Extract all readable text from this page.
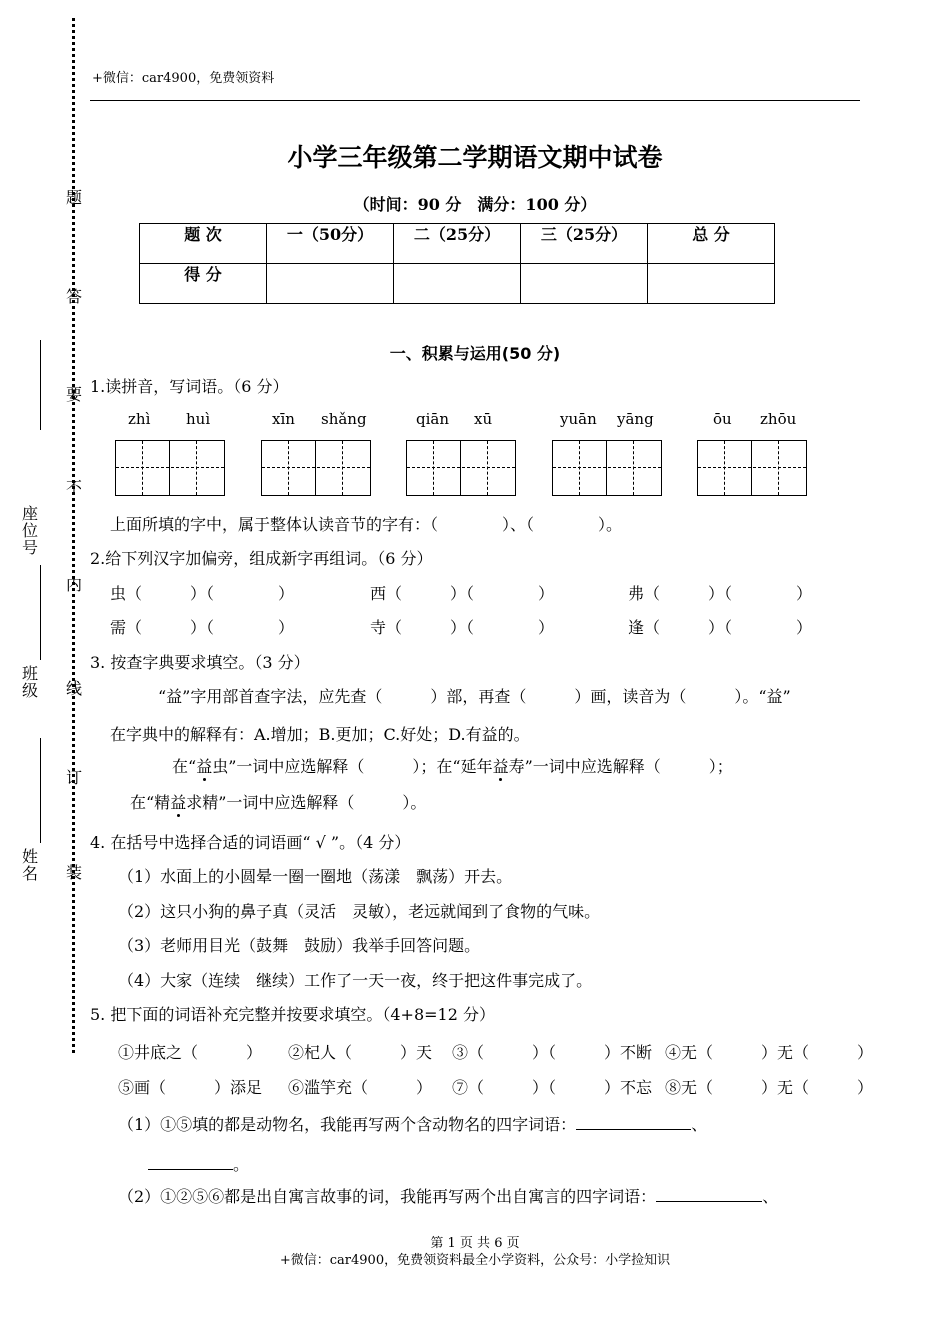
+微信：car4900，免费领资料
题
答
要
不
内
线
订
装
座位号
班级
姓名
小学三年级第二学期语文期中试卷
（时间：90 分　满分：100 分）
题 次	一（50分）	二（25分）	三（25分）	总 分
得 分				
一、积累与运用(50 分)
1.读拼音，写词语。（6 分）
zhì huì	xīn shǎng	qiān xū	yuān yāng	ōu zhōu
上面所填的字中，属于整体认读音节的字有：（　　　　）、（　　　　）。
2.给下列汉字加偏旁，组成新字再组词。（6 分）
虫（　　　）（　　　　）	西（　　　）（　　　　）	弗（　　　）（　　　　）
需（　　　）（　　　　）	寺（　　　）（　　　　）	逢（　　　）（　　　　）
3. 按查字典要求填空。（3 分）
“益”字用部首查字法，应先查（　　　）部，再查（　　　）画，读音为（　　　）。“益”
在字典中的解释有：A.增加；B.更加；C.好处；D.有益的。
在“益虫”一词中应选解释（　　　）；在“延年益寿”一词中应选解释（　　　）；
在“精益求精”一词中应选解释（　　　）。
4. 在括号中选择合适的词语画“ √ ”。（4 分）
（1）水面上的小圆晕一圈一圈地（荡漾　飘荡）开去。
（2）这只小狗的鼻子真（灵活　灵敏），老远就闻到了食物的气味。
（3）老师用目光（鼓舞　鼓励）我举手回答问题。
（4）大家（连续　继续）工作了一天一夜，终于把这件事完成了。
5. 把下面的词语补充完整并按要求填空。（4+8=12 分）
①井底之（　　　） ②杞人（　　　）天 ③（　　　）（　　　）不断 ④无（　　　）无（　　　）
⑤画（　　　）添足 ⑥滥竽充（　　　） ⑦（　　　）（　　　）不忘 ⑧无（　　　）无（　　　）
（1）①⑤填的都是动物名，我能再写两个含动物名的四字词语：	、
。
（2）①②⑤⑥都是出自寓言故事的词，我能再写两个出自寓言的四字词语：	、
第 1 页 共 6 页
+微信：car4900，免费领资料最全小学资料，公众号：小学捡知识
